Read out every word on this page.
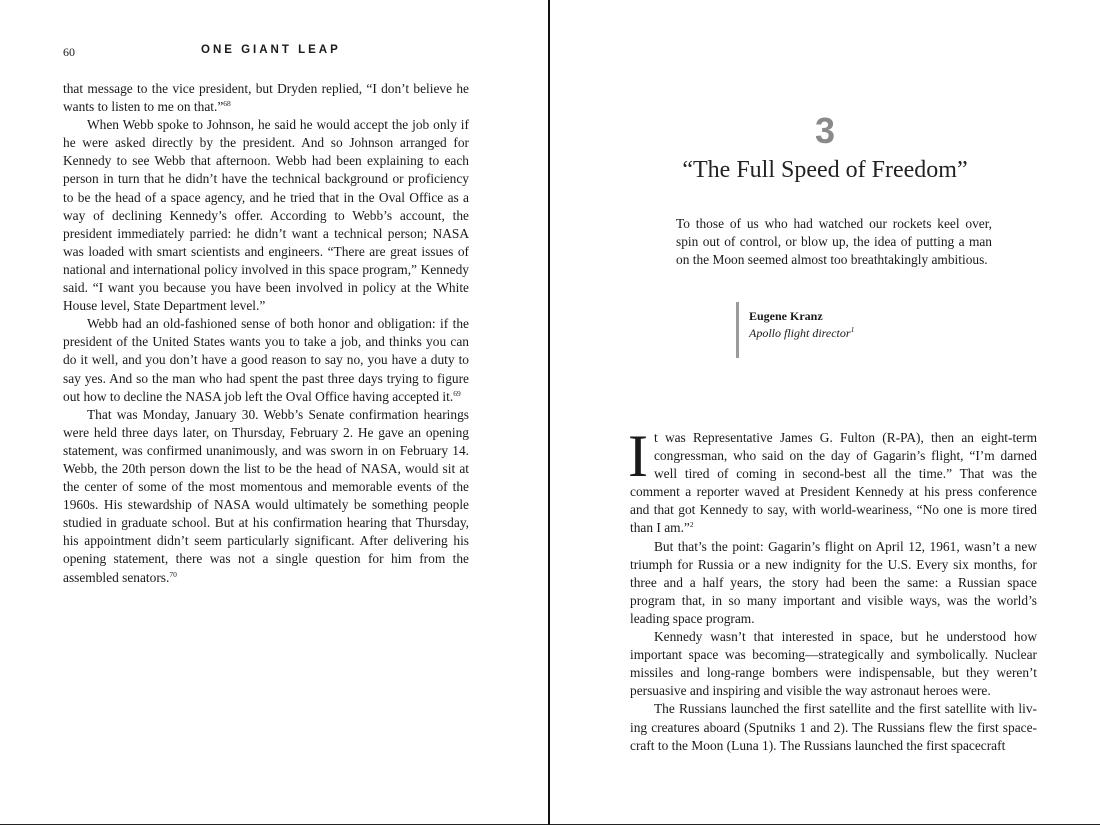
60	ONE GIANT LEAP

that message to the vice president, but Dryden replied, “I don’t believe he wants to listen to me on that.”$^{68}$

When Webb spoke to Johnson, he said he would accept the job only if he were asked directly by the president. And so Johnson arranged for Kennedy to see Webb that afternoon. Webb had been explaining to each person in turn that he didn’t have the technical background or proficiency to be the head of a space agency, and he tried that in the Oval Office as a way of declining Kennedy’s offer. According to Webb’s account, the president immediately parried: he didn’t want a technical person; NASA was loaded with smart scientists and engineers. “There are great issues of national and international policy involved in this space program,” Kennedy said. “I want you because you have been involved in policy at the White House level, State Department level.”

Webb had an old-fashioned sense of both honor and obligation: if the president of the United States wants you to take a job, and thinks you can do it well, and you don’t have a good reason to say no, you have a duty to say yes. And so the man who had spent the past three days trying to figure out how to decline the NASA job left the Oval Office having accepted it.$^{69}$

That was Monday, January 30. Webb’s Senate confirmation hearings were held three days later, on Thursday, February 2. He gave an opening statement, was confirmed unanimously, and was sworn in on February 14. Webb, the 20th person down the list to be the head of NASA, would sit at the center of some of the most momentous and memorable events of the 1960s. His stewardship of NASA would ultimately be something people studied in graduate school. But at his confirmation hearing that Thursday, his appointment didn’t seem particularly significant. After delivering his opening statement, there was not a single question for him from the assembled senators.$^{70}$

3
“The Full Speed of Freedom”
To those of us who had watched our rockets keel over, spin out of control, or blow up, the idea of putting a man on the Moon seemed almost too breathtakingly ambitious.
Eugene Kranz
Apollo flight director$^1$

It was Representative James G. Fulton (R-PA), then an eight-term congressman, who said on the day of Gagarin’s flight, “I’m darned well tired of coming in second-best all the time.” That was the comment a reporter waved at President Kennedy at his press conference and that got Kennedy to say, with world-weariness, “No one is more tired than I am.”$^2$

But that’s the point: Gagarin’s flight on April 12, 1961, wasn’t a new triumph for Russia or a new indignity for the U.S. Every six months, for three and a half years, the story had been the same: a Russian space program that, in so many important and visible ways, was the world’s leading space program.

Kennedy wasn’t that interested in space, but he understood how important space was becoming—strategically and symbolically. Nuclear missiles and long-range bombers were indispensable, but they weren’t persuasive and inspiring and visible the way astronaut heroes were.

The Russians launched the first satellite and the first satellite with liv-ing creatures aboard (Sputniks 1 and 2). The Russians flew the first space-craft to the Moon (Luna 1). The Russians launched the first spacecraft
